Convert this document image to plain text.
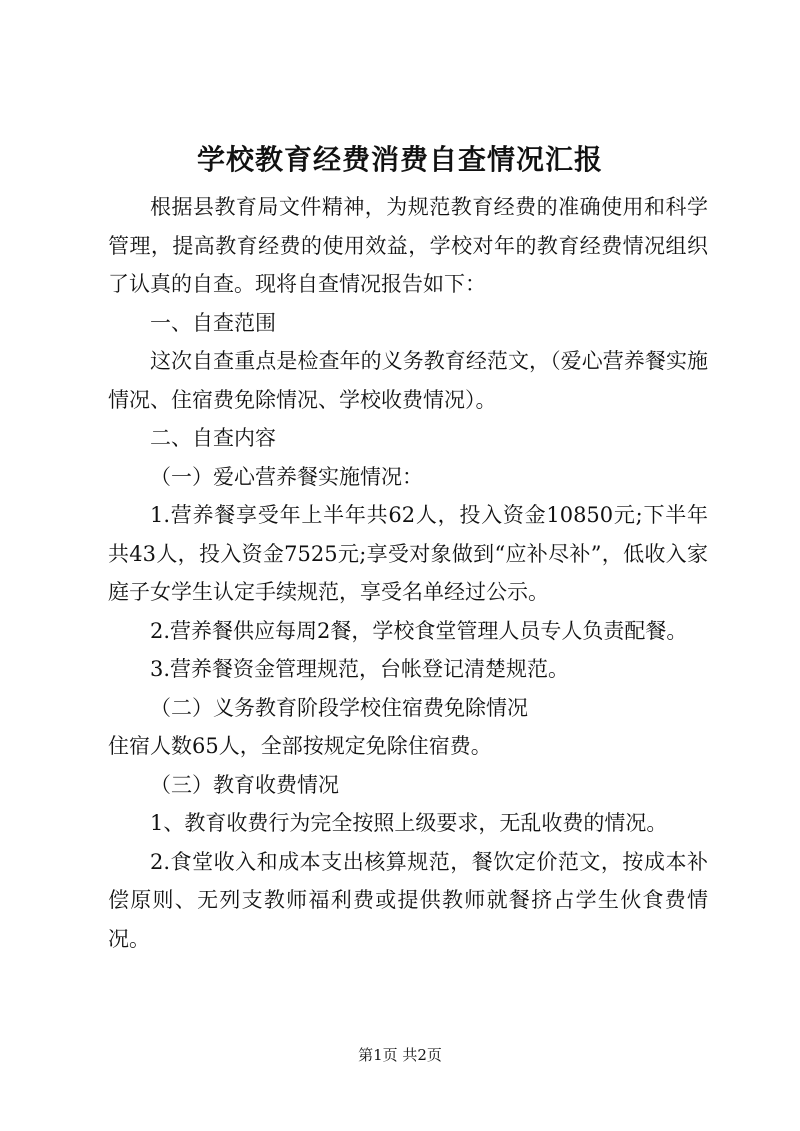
学校教育经费消费自查情况汇报

根据县教育局文件精神，为规范教育经费的准确使用和科学管理，提高教育经费的使用效益，学校对年的教育经费情况组织了认真的自查。现将自查情况报告如下：

一、自查范围

这次自查重点是检查年的义务教育经范文，（爱心营养餐实施情况、住宿费免除情况、学校收费情况）。

二、自查内容

（一）爱心营养餐实施情况：

1.营养餐享受年上半年共62人，投入资金10850元;下半年共43人，投入资金7525元;享受对象做到“应补尽补”，低收入家庭子女学生认定手续规范，享受名单经过公示。

2.营养餐供应每周2餐，学校食堂管理人员专人负责配餐。

3.营养餐资金管理规范，台帐登记清楚规范。

（二）义务教育阶段学校住宿费免除情况

住宿人数65人，全部按规定免除住宿费。

（三）教育收费情况

1、教育收费行为完全按照上级要求，无乱收费的情况。

2.食堂收入和成本支出核算规范，餐饮定价范文，按成本补偿原则、无列支教师福利费或提供教师就餐挤占学生伙食费情况。

第1页 共2页
